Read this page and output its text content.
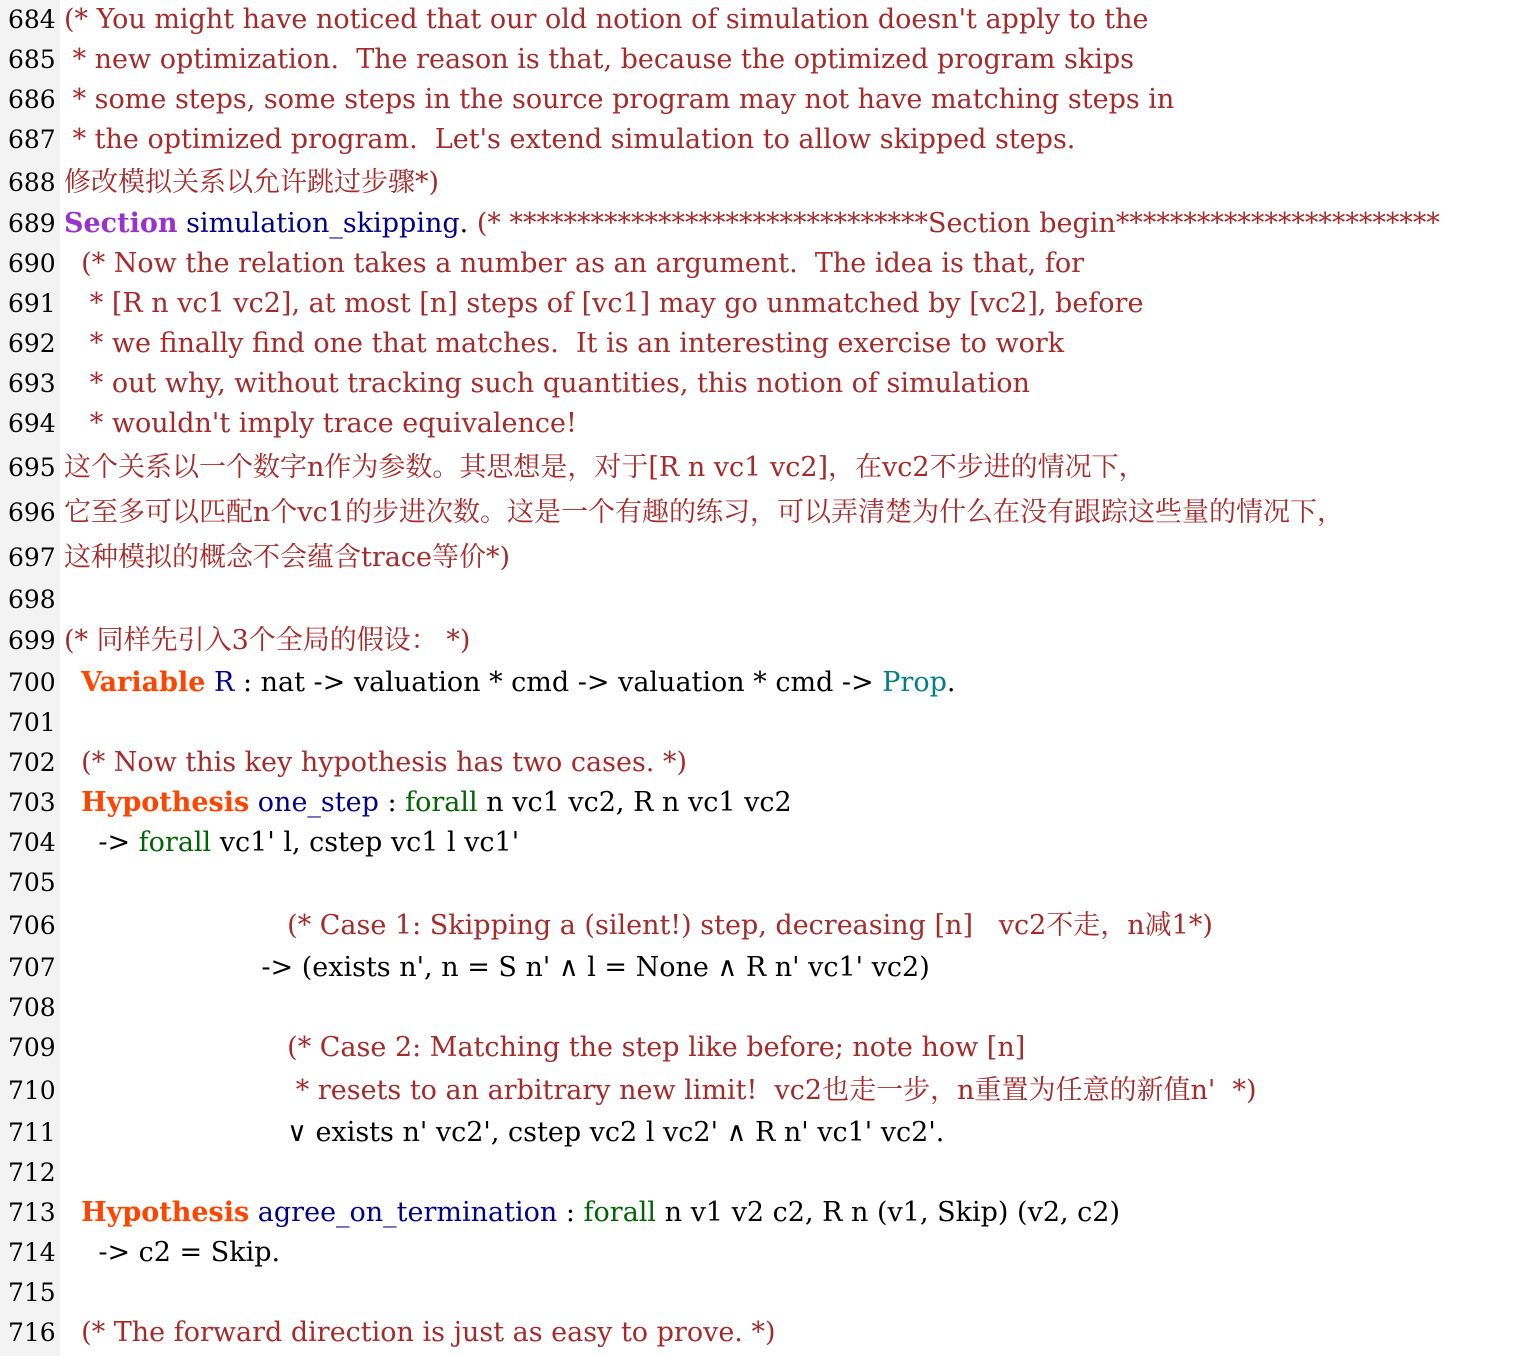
684 (* You might have noticed that our old notion of simulation doesn't apply to the
685 * new optimization.  The reason is that, because the optimized program skips
686 * some steps, some steps in the source program may not have matching steps in
687 * the optimized program.  Let's extend simulation to allow skipped steps.
688 修改模拟关系以允许跳过步骤*)
689 Section simulation_skipping. (* *******************************Section begin************************
690 (* Now the relation takes a number as an argument.  The idea is that, for
691 * [R n vc1 vc2], at most [n] steps of [vc1] may go unmatched by [vc2], before
692 * we finally find one that matches.  It is an interesting exercise to work
693 * out why, without tracking such quantities, this notion of simulation
694 * wouldn't imply trace equivalence!
695 这个关系以一个数字n作为参数。其思想是，对于[R n vc1 vc2]，在vc2不步进的情况下，
696 它至多可以匹配n个vc1的步进次数。这是一个有趣的练习，可以弄清楚为什么在没有跟踪这些量的情况下，
697 这种模拟的概念不会蕴含trace等价*)
698
699 (* 同样先引入3个全局的假设： *)
700 Variable R : nat -> valuation * cmd -> valuation * cmd -> Prop.
701
702 (* Now this key hypothesis has two cases. *)
703 Hypothesis one_step : forall n vc1 vc2, R n vc1 vc2
704 -> forall vc1' l, cstep vc1 l vc1'
705
706	(* Case 1: Skipping a (silent!) step, decreasing [n]   vc2不走，n减1*)
707 -> (exists n', n = S n' ∧ l = None ∧ R n' vc1' vc2)
708
709	(* Case 2: Matching the step like before; note how [n]
710	* resets to an arbitrary new limit!  vc2也走一步，n重置为任意的新值n'  *)
711 ∨ exists n' vc2', cstep vc2 l vc2' ∧ R n' vc1' vc2'.
712
713 Hypothesis agree_on_termination : forall n v1 v2 c2, R n (v1, Skip) (v2, c2)
714 -> c2 = Skip.
715
716 (* The forward direction is just as easy to prove. *)
